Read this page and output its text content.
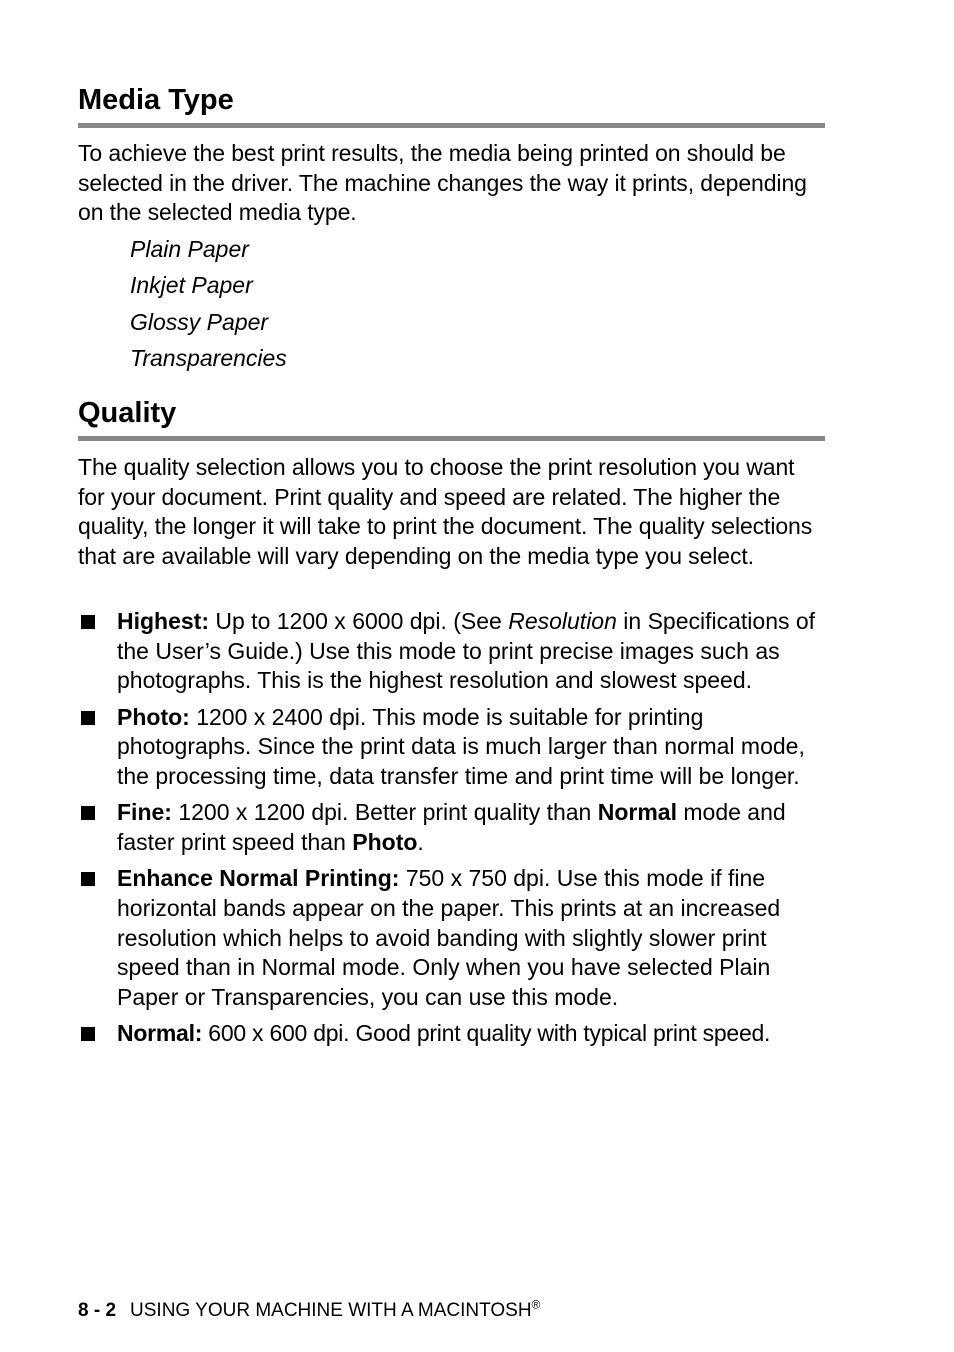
Media Type

To achieve the best print results, the media being printed on should be selected in the driver. The machine changes the way it prints, depending on the selected media type.

Plain Paper
Inkjet Paper
Glossy Paper
Transparencies
Quality

The quality selection allows you to choose the print resolution you want for your document. Print quality and speed are related. The higher the quality, the longer it will take to print the document. The quality selections that are available will vary depending on the media type you select.

Highest: Up to 1200 x 6000 dpi. (See Resolution in Specifications of the User’s Guide.) Use this mode to print precise images such as photographs. This is the highest resolution and slowest speed.
Photo: 1200 x 2400 dpi. This mode is suitable for printing photographs. Since the print data is much larger than normal mode, the processing time, data transfer time and print time will be longer.
Fine: 1200 x 1200 dpi. Better print quality than Normal mode and faster print speed than Photo.
Enhance Normal Printing: 750 x 750 dpi. Use this mode if fine horizontal bands appear on the paper. This prints at an increased resolution which helps to avoid banding with slightly slower print speed than in Normal mode. Only when you have selected Plain Paper or Transparencies, you can use this mode.
Normal: 600 x 600 dpi. Good print quality with typical print speed.
8 - 2 USING YOUR MACHINE WITH A MACINTOSH®
